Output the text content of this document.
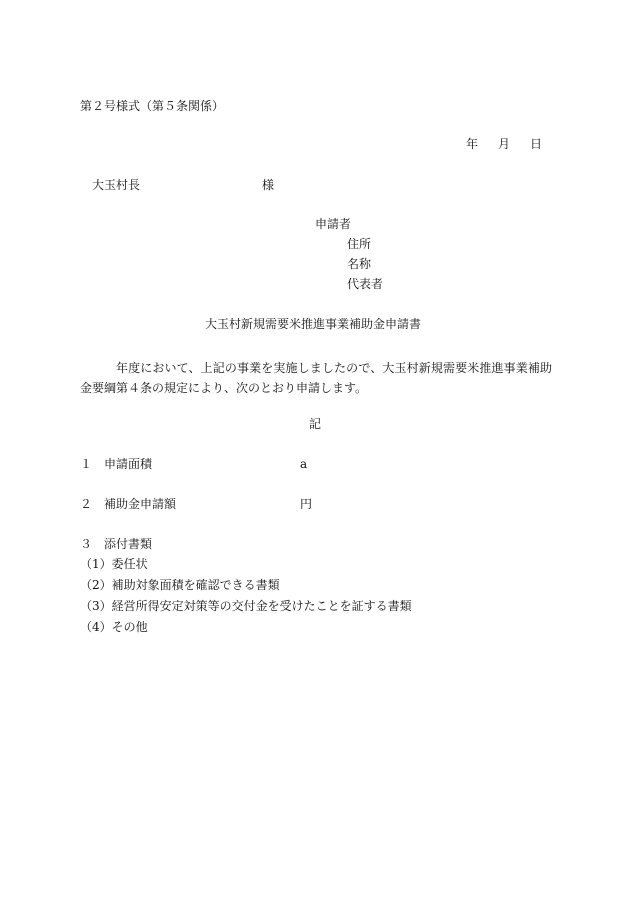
第２号様式（第５条関係）
年 月 日
大玉村長	様
申請者
住所
名称
代表者
大玉村新規需要米推進事業補助金申請書
年度において、上記の事業を実施しましたので、大玉村新規需要米推進事業補助金要綱第４条の規定により、次のとおり申請します。
記
１　申請面積	a
２　補助金申請額	円
３　添付書類
（1）委任状
（2）補助対象面積を確認できる書類
（3）経営所得安定対策等の交付金を受けたことを証する書類
（4）その他
